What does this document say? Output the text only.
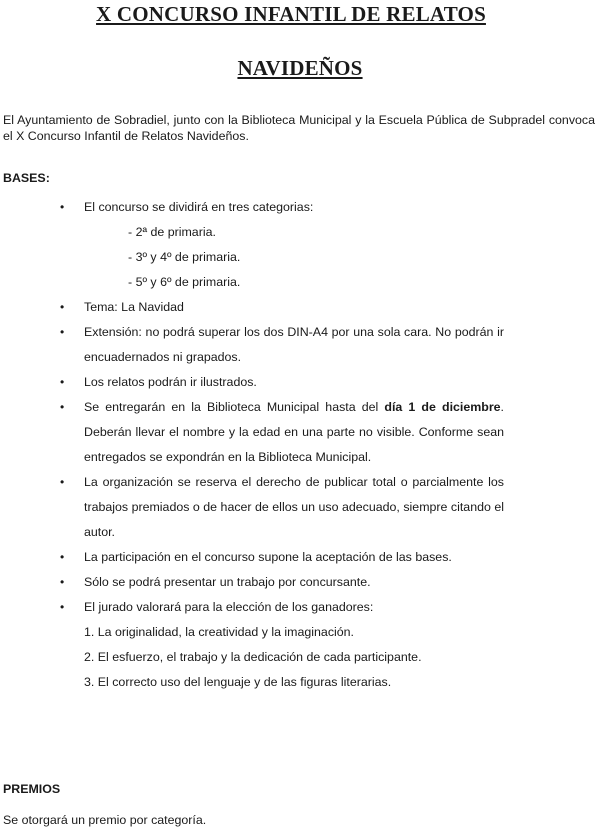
X CONCURSO INFANTIL DE RELATOS
NAVIDEÑOS

El Ayuntamiento de Sobradiel, junto con la Biblioteca Municipal y la Escuela Pública de Subpradel convoca el X Concurso Infantil de Relatos Navideños.

BASES:

• El concurso se dividirá en tres categorias:
- 2ª de primaria.
- 3º y 4º de primaria.
- 5º y 6º de primaria.
• Tema: La Navidad
• Extensión: no podrá superar los dos DIN-A4 por una sola cara. No podrán ir encuadernados ni grapados.
• Los relatos podrán ir ilustrados.
• Se entregarán en la Biblioteca Municipal hasta del día 1 de diciembre. Deberán llevar el nombre y la edad en una parte no visible. Conforme sean entregados se expondrán en la Biblioteca Municipal.
• La organización se reserva el derecho de publicar total o parcialmente los trabajos premiados o de hacer de ellos un uso adecuado, siempre citando el autor.
• La participación en el concurso supone la aceptación de las bases.
• Sólo se podrá presentar un trabajo por concursante.
• El jurado valorará para la elección de los ganadores:
1. La originalidad, la creatividad y la imaginación.
2. El esfuerzo, el trabajo y la dedicación de cada participante.
3. El correcto uso del lenguaje y de las figuras literarias.

PREMIOS

Se otorgará un premio por categoría.
